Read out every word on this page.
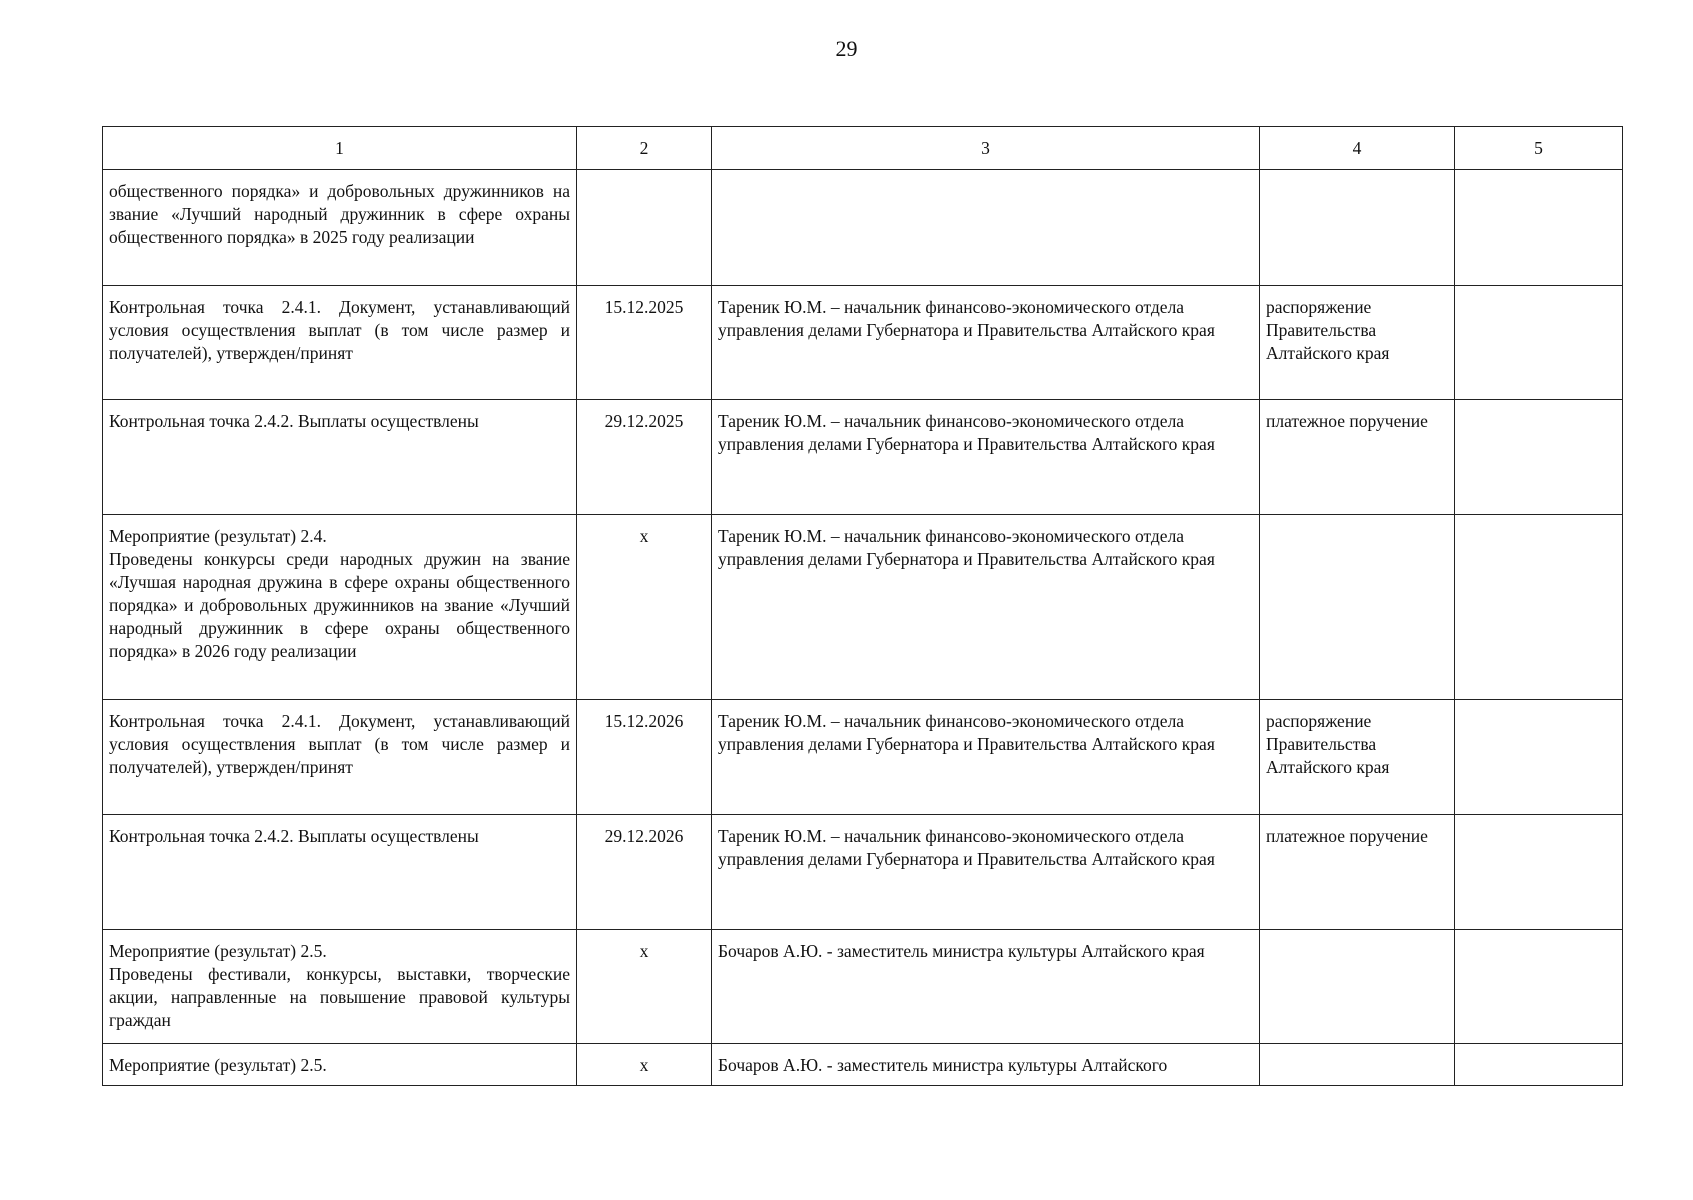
29
1	2	3	4	5

общественного порядка» и добровольных дружинников на звание «Лучший народный дружинник в сфере охраны общественного порядка» в 2025 году реализации				

Контрольная точка 2.4.1. Документ, устанавливающий условия осуществления выплат (в том числе размер и получателей), утвержден/принят	15.12.2025	Тареник Ю.М. – начальник финансово-экономического отдела управления делами Губернатора и Правительства Алтайского края	распоряжение Правительства Алтайского края	

Контрольная точка 2.4.2. Выплаты осуществлены	29.12.2025	Тареник Ю.М. – начальник финансово-экономического отдела управления делами Губернатора и Правительства Алтайского края	платежное поручение	

Мероприятие (результат) 2.4.
Проведены конкурсы среди народных дружин на звание «Лучшая народная дружина в сфере охраны общественного порядка» и добровольных дружинников на звание «Лучший народный дружинник в сфере охраны общественного порядка» в 2026 году реализации	x	Тареник Ю.М. – начальник финансово-экономического отдела управления делами Губернатора и Правительства Алтайского края		

Контрольная точка 2.4.1. Документ, устанавливающий условия осуществления выплат (в том числе размер и получателей), утвержден/принят	15.12.2026	Тареник Ю.М. – начальник финансово-экономического отдела управления делами Губернатора и Правительства Алтайского края	распоряжение Правительства Алтайского края	

Контрольная точка 2.4.2. Выплаты осуществлены	29.12.2026	Тареник Ю.М. – начальник финансово-экономического отдела управления делами Губернатора и Правительства Алтайского края	платежное поручение	

Мероприятие (результат) 2.5.
Проведены фестивали, конкурсы, выставки, творческие акции, направленные на повышение правовой культуры граждан	x	Бочаров А.Ю. - заместитель министра культуры Алтайского края		

Мероприятие (результат) 2.5.	x	Бочаров А.Ю. - заместитель министра культуры Алтайского		
